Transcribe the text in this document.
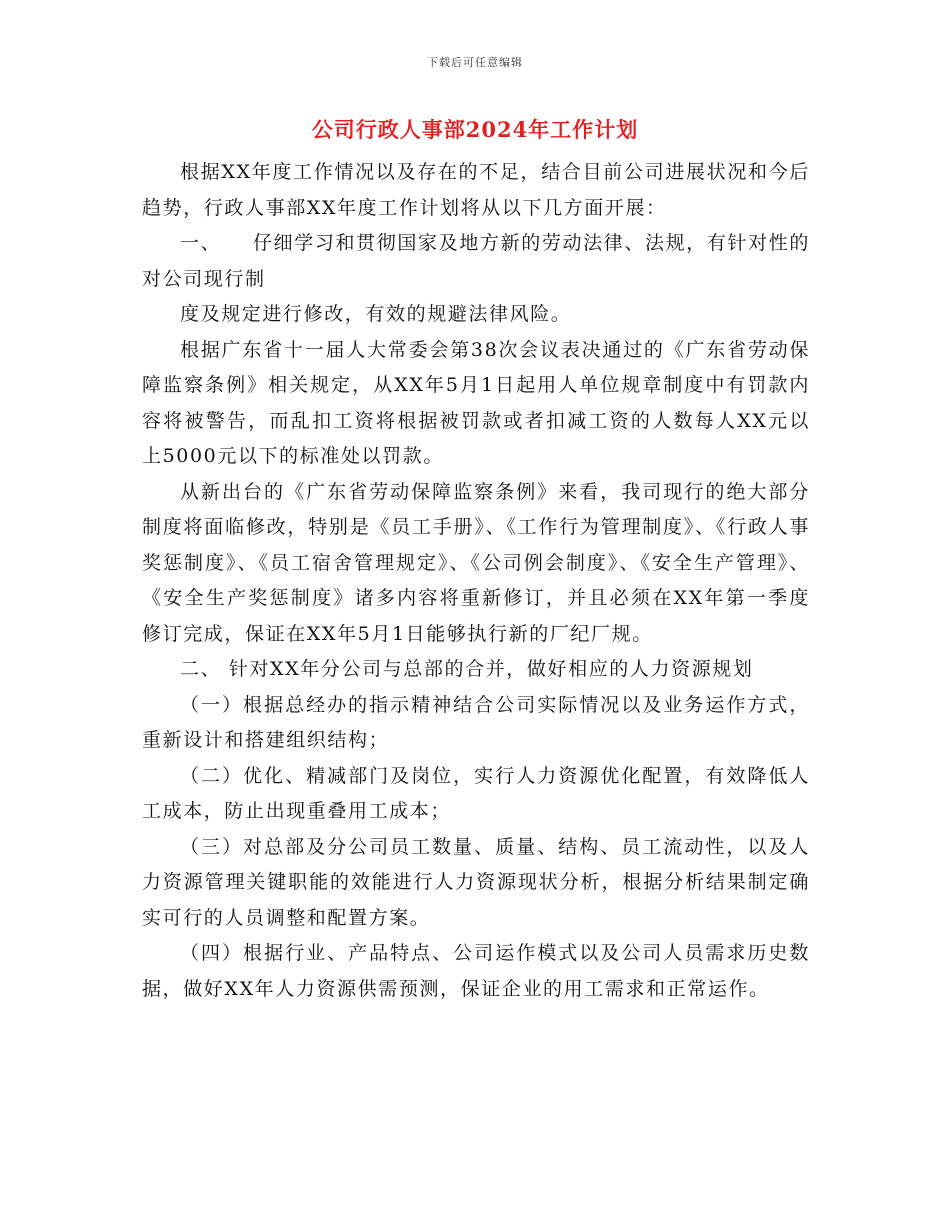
下载后可任意编辑
公司行政人事部2024年工作计划

根据XX年度工作情况以及存在的不足，结合目前公司进展状况和今后趋势，行政人事部XX年度工作计划将从以下几方面开展：

一、　　仔细学习和贯彻国家及地方新的劳动法律、法规，有针对性的对公司现行制

度及规定进行修改，有效的规避法律风险。

根据广东省十一届人大常委会第38次会议表决通过的《广东省劳动保障监察条例》相关规定，从XX年5月1日起用人单位规章制度中有罚款内容将被警告，而乱扣工资将根据被罚款或者扣减工资的人数每人XX元以上5000元以下的标准处以罚款。

从新出台的《广东省劳动保障监察条例》来看，我司现行的绝大部分制度将面临修改，特别是《员工手册》、《工作行为管理制度》、《行政人事奖惩制度》、《员工宿舍管理规定》、《公司例会制度》、《安全生产管理》、《安全生产奖惩制度》诸多内容将重新修订，并且必须在XX年第一季度修订完成，保证在XX年5月1日能够执行新的厂纪厂规。

二、 针对XX年分公司与总部的合并，做好相应的人力资源规划

（一）根据总经办的指示精神结合公司实际情况以及业务运作方式，重新设计和搭建组织结构；

（二）优化、精减部门及岗位，实行人力资源优化配置，有效降低人工成本，防止出现重叠用工成本；

（三）对总部及分公司员工数量、质量、结构、员工流动性，以及人力资源管理关键职能的效能进行人力资源现状分析，根据分析结果制定确实可行的人员调整和配置方案。

（四）根据行业、产品特点、公司运作模式以及公司人员需求历史数据，做好XX年人力资源供需预测，保证企业的用工需求和正常运作。
